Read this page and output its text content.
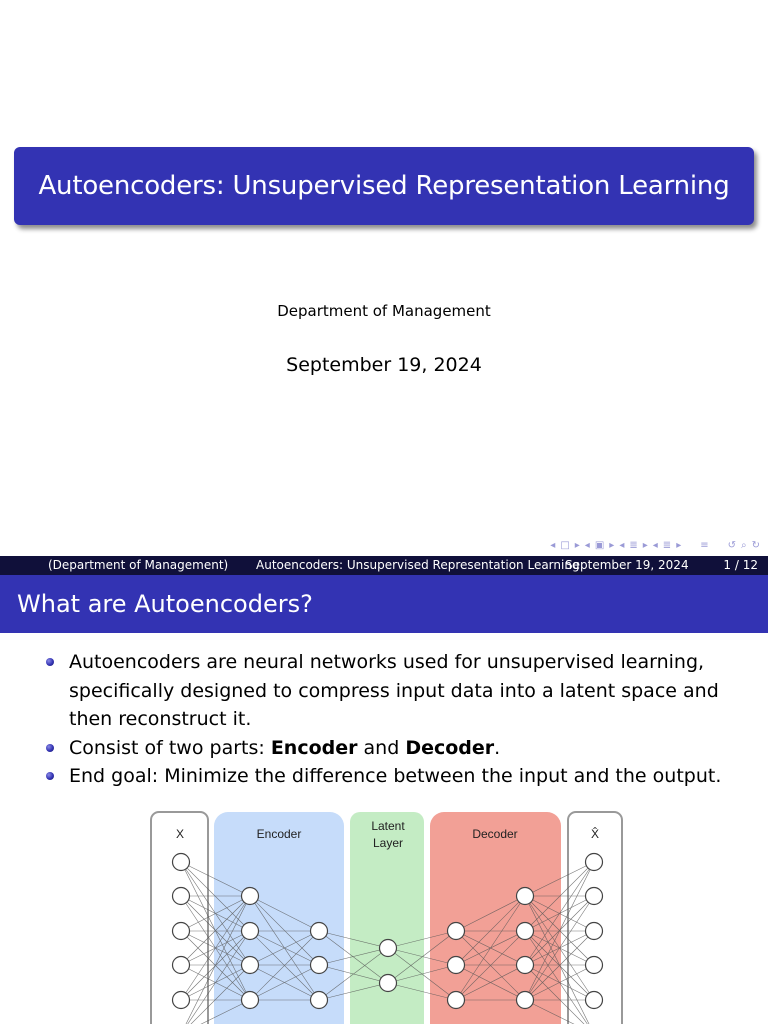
Autoencoders: Unsupervised Representation Learning
Department of Management
September 19, 2024
◂ □ ▸ ◂ ▣ ▸ ◂ ≣ ▸ ◂ ≣ ▸ ≡ ↺ ⌕ ↻
(Department of Management) Autoencoders: Unsupervised Representation Learning
September 19, 2024	1 / 12
What are Autoencoders?
Autoencoders are neural networks used for unsupervised learning, specifically designed to compress input data into a latent space and then reconstruct it.
Consist of two parts: Encoder and Decoder.
End goal: Minimize the difference between the input and the output.
X	Encoder
Latent
Layer
Decoder	X̂
